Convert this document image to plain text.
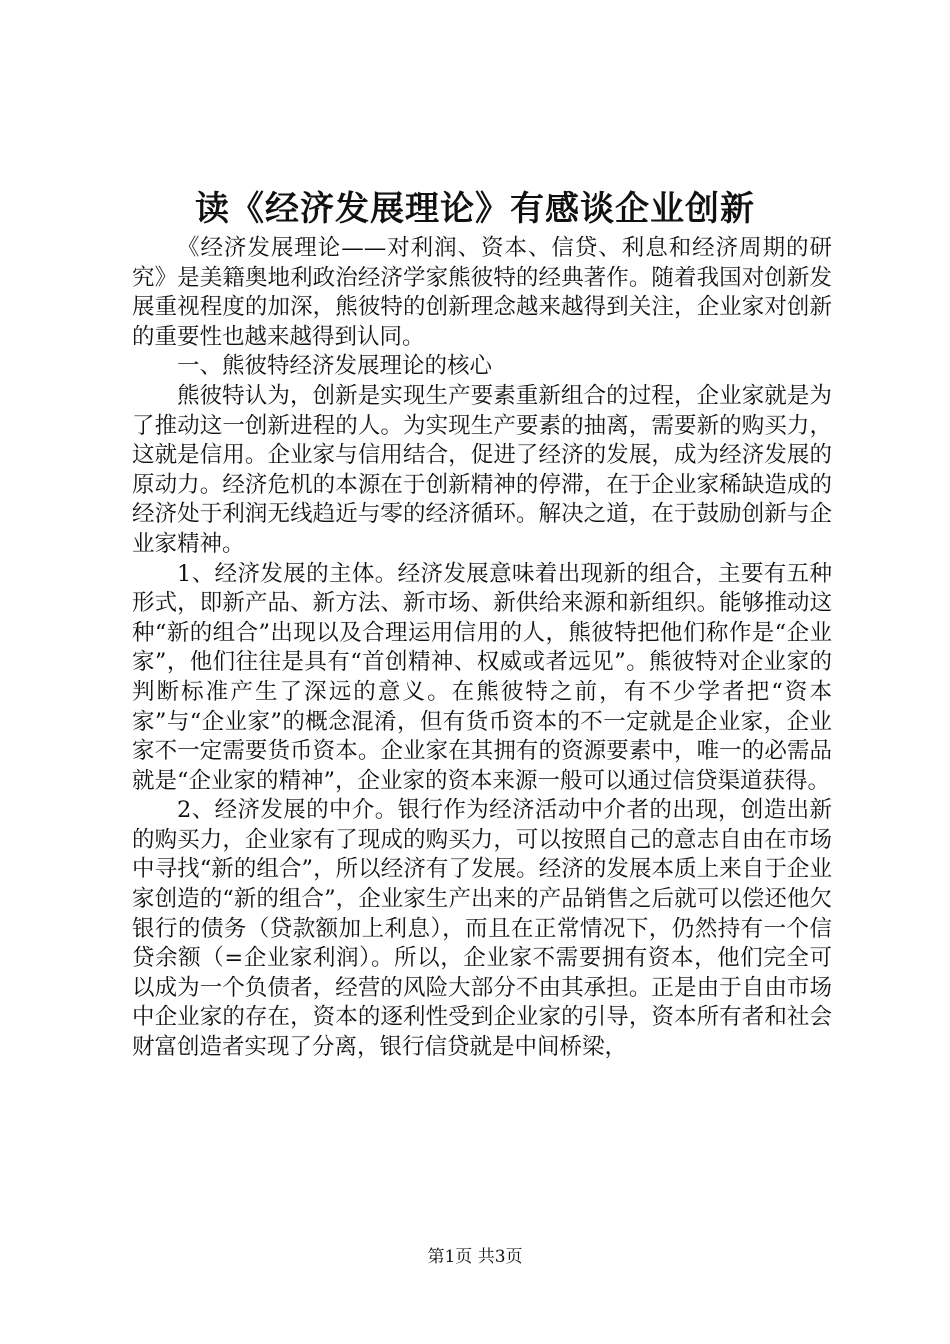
读《经济发展理论》有感谈企业创新

《经济发展理论——对利润、资本、信贷、利息和经济周期的研究》是美籍奥地利政治经济学家熊彼特的经典著作。随着我国对创新发展重视程度的加深，熊彼特的创新理念越来越得到关注，企业家对创新的重要性也越来越得到认同。

一、熊彼特经济发展理论的核心

熊彼特认为，创新是实现生产要素重新组合的过程，企业家就是为了推动这一创新进程的人。为实现生产要素的抽离，需要新的购买力，这就是信用。企业家与信用结合，促进了经济的发展，成为经济发展的原动力。经济危机的本源在于创新精神的停滞，在于企业家稀缺造成的经济处于利润无线趋近与零的经济循环。解决之道，在于鼓励创新与企业家精神。

1、经济发展的主体。经济发展意味着出现新的组合，主要有五种形式，即新产品、新方法、新市场、新供给来源和新组织。能够推动这种“新的组合”出现以及合理运用信用的人，熊彼特把他们称作是“企业家”，他们往往是具有“首创精神、权威或者远见”。熊彼特对企业家的判断标准产生了深远的意义。在熊彼特之前，有不少学者把“资本家”与“企业家”的概念混淆，但有货币资本的不一定就是企业家，企业家不一定需要货币资本。企业家在其拥有的资源要素中，唯一的必需品就是“企业家的精神”，企业家的资本来源一般可以通过信贷渠道获得。

2、经济发展的中介。银行作为经济活动中介者的出现，创造出新的购买力，企业家有了现成的购买力，可以按照自己的意志自由在市场中寻找“新的组合”，所以经济有了发展。经济的发展本质上来自于企业家创造的“新的组合”，企业家生产出来的产品销售之后就可以偿还他欠银行的债务（贷款额加上利息），而且在正常情况下，仍然持有一个信贷余额（=企业家利润）。所以，企业家不需要拥有资本，他们完全可以成为一个负债者，经营的风险大部分不由其承担。正是由于自由市场中企业家的存在，资本的逐利性受到企业家的引导，资本所有者和社会财富创造者实现了分离，银行信贷就是中间桥梁，

第1页 共3页
